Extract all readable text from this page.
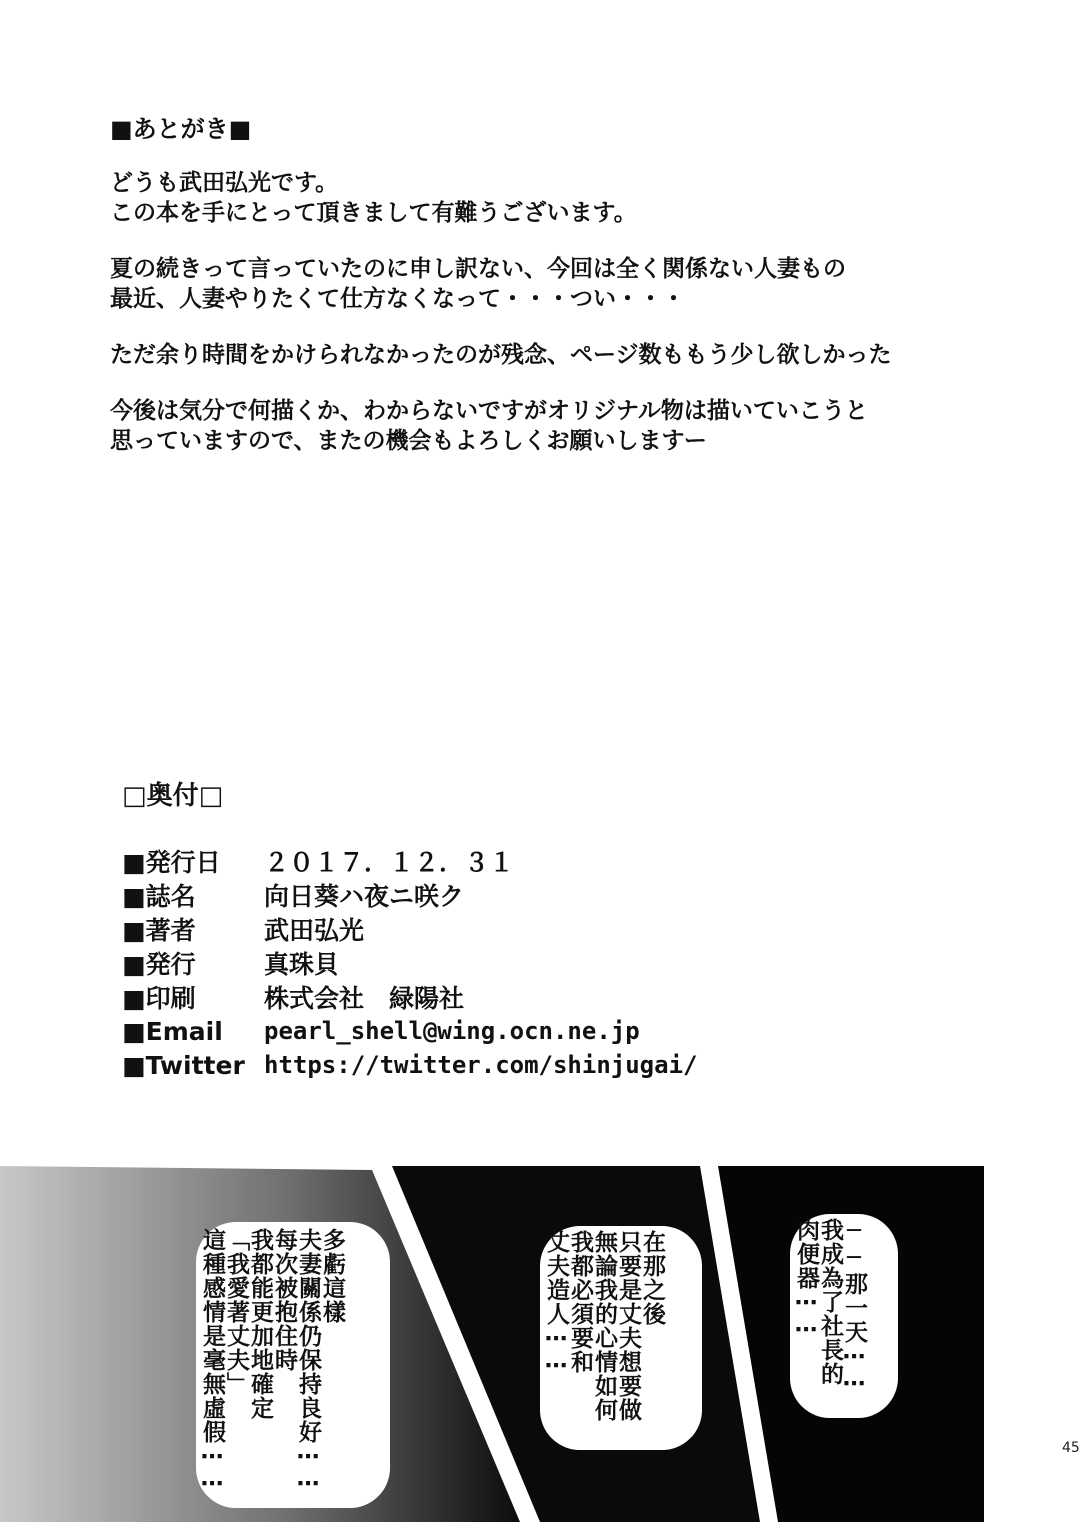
■あとがき■
どうも武田弘光です。
この本を手にとって頂きまして有難うございます。
夏の続きって言っていたのに申し訳ない、今回は全く関係ない人妻もの
最近、人妻やりたくて仕方なくなって・・・つい・・・
ただ余り時間をかけられなかったのが残念、ページ数ももう少し欲しかった
今後は気分で何描くか、わからないですがオリジナル物は描いていこうと
思っていますので、またの機会もよろしくお願いしますー
□奥付□
■発行日	２０１７．１２．３１
■誌名	向日葵ハ夜ニ咲ク
■著者	武田弘光
■発行	真珠貝
■印刷	株式会社　緑陽社
■Email	pearl_shell@wing.ocn.ne.jp
■Twitter https://twitter.com/shinjugai/
多虧這樣
夫妻關係仍保持良好⋯⋯
每次被抱住時
我都能更加地確定
「我愛著丈夫」
這種感情是毫無虛假⋯⋯	在那之後
只要是丈夫想要做
無論我的心情如何
我都必須要和
丈夫造人⋯⋯	──那一天⋯⋯
我成為了社長的
肉便器⋯⋯
45
